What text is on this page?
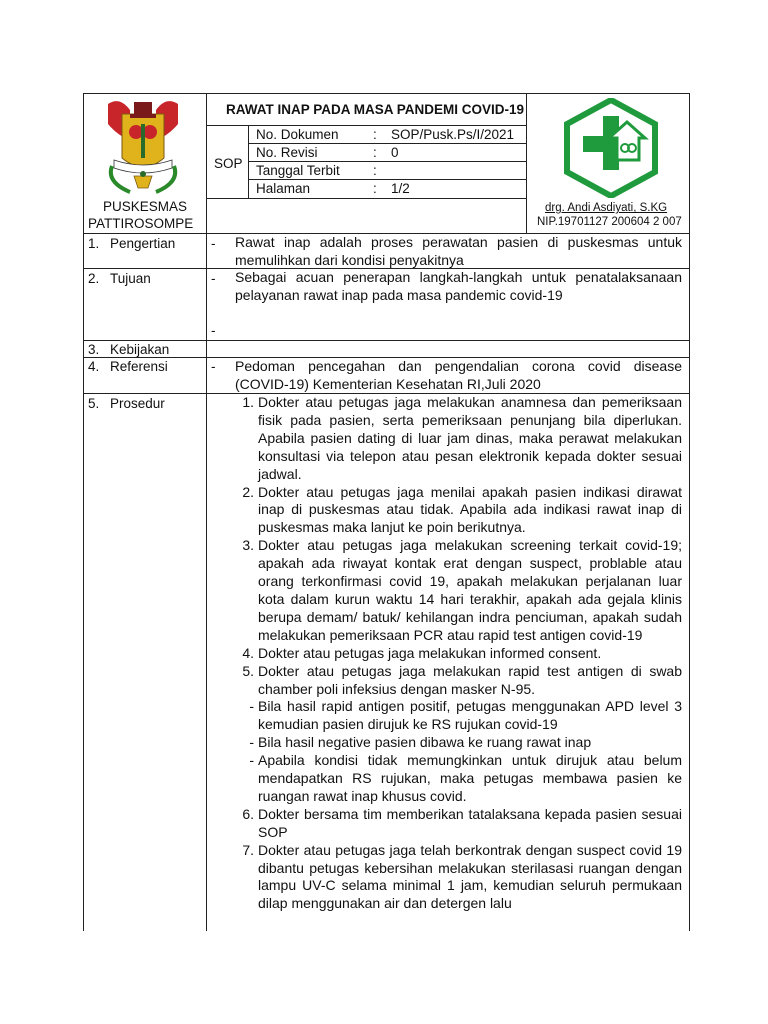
PUSKESMAS
PATTIROSOMPE
RAWAT INAP PADA MASA PANDEMI COVID-19
SOP
No. Dokumen	: SOP/Pusk.Ps/I/2021
No. Revisi	: 0
Tanggal Terbit :
Halaman	: 1/2
drg. Andi Asdiyati, S.KG
NIP.19701127 200604 2 007
1. Pengertian	- Rawat inap adalah proses perawatan pasien di puskesmas untuk memulihkan dari kondisi penyakitnya
2. Tujuan	- Sebagai acuan penerapan langkah-langkah untuk penatalaksanaan pelayanan rawat inap pada masa pandemic covid-19
-
3. Kebijakan
4. Referensi	- Pedoman pencegahan dan pengendalian corona covid disease (COVID-19) Kementerian Kesehatan RI,Juli 2020
5. Prosedur	1. Dokter atau petugas jaga melakukan anamnesa dan pemeriksaan fisik pada pasien, serta pemeriksaan penunjang bila diperlukan. Apabila pasien dating di luar jam dinas, maka perawat melakukan konsultasi via telepon atau pesan elektronik kepada dokter sesuai jadwal.
2. Dokter atau petugas jaga menilai apakah pasien indikasi dirawat inap di puskesmas atau tidak. Apabila ada indikasi rawat inap di puskesmas maka lanjut ke poin berikutnya.
3. Dokter atau petugas jaga melakukan screening terkait covid-19; apakah ada riwayat kontak erat dengan suspect, problable atau orang terkonfirmasi covid 19, apakah melakukan perjalanan luar kota dalam kurun waktu 14 hari terakhir, apakah ada gejala klinis berupa demam/ batuk/ kehilangan indra penciuman, apakah sudah melakukan pemeriksaan PCR atau rapid test antigen covid-19
4. Dokter atau petugas jaga melakukan informed consent.
5. Dokter atau petugas jaga melakukan rapid test antigen di swab chamber poli infeksius dengan masker N-95.
- Bila hasil rapid antigen positif, petugas menggunakan APD level 3 kemudian pasien dirujuk ke RS rujukan covid-19
- Bila hasil negative pasien dibawa ke ruang rawat inap
- Apabila kondisi tidak memungkinkan untuk dirujuk atau belum mendapatkan RS rujukan, maka petugas membawa pasien ke ruangan rawat inap khusus covid.
6. Dokter bersama tim memberikan tatalaksana kepada pasien sesuai SOP
7. Dokter atau petugas jaga telah berkontrak dengan suspect covid 19 dibantu petugas kebersihan melakukan sterilasasi ruangan dengan lampu UV-C selama minimal 1 jam, kemudian seluruh permukaan dilap menggunakan air dan detergen lalu
